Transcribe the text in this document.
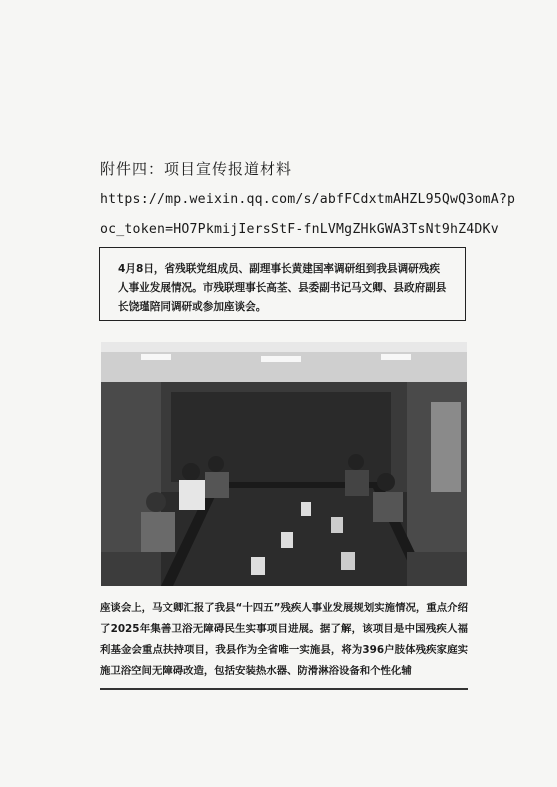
附件四：项目宣传报道材料
https://mp.weixin.qq.com/s/abfFCdxtmAHZL95QwQ3omA?p
oc_token=HO7PkmijIersStF-fnLVMgZHkGWA3TsNt9hZ4DKv
4月8日，省残联党组成员、副理事长黄建国率调研组到我县调研残疾人事业发展情况。市残联理事长高荃、县委副书记马文卿、县政府副县长饶瑾陪同调研或参加座谈会。

座谈会上，马文卿汇报了我县“十四五”残疾人事业发展规划实施情况，重点介绍了2025年集善卫浴无障碍民生实事项目进展。据了解，该项目是中国残疾人福利基金会重点扶持项目，我县作为全省唯一实施县，将为396户肢体残疾家庭实施卫浴空间无障碍改造，包括安装热水器、防滑淋浴设备和个性化辅
